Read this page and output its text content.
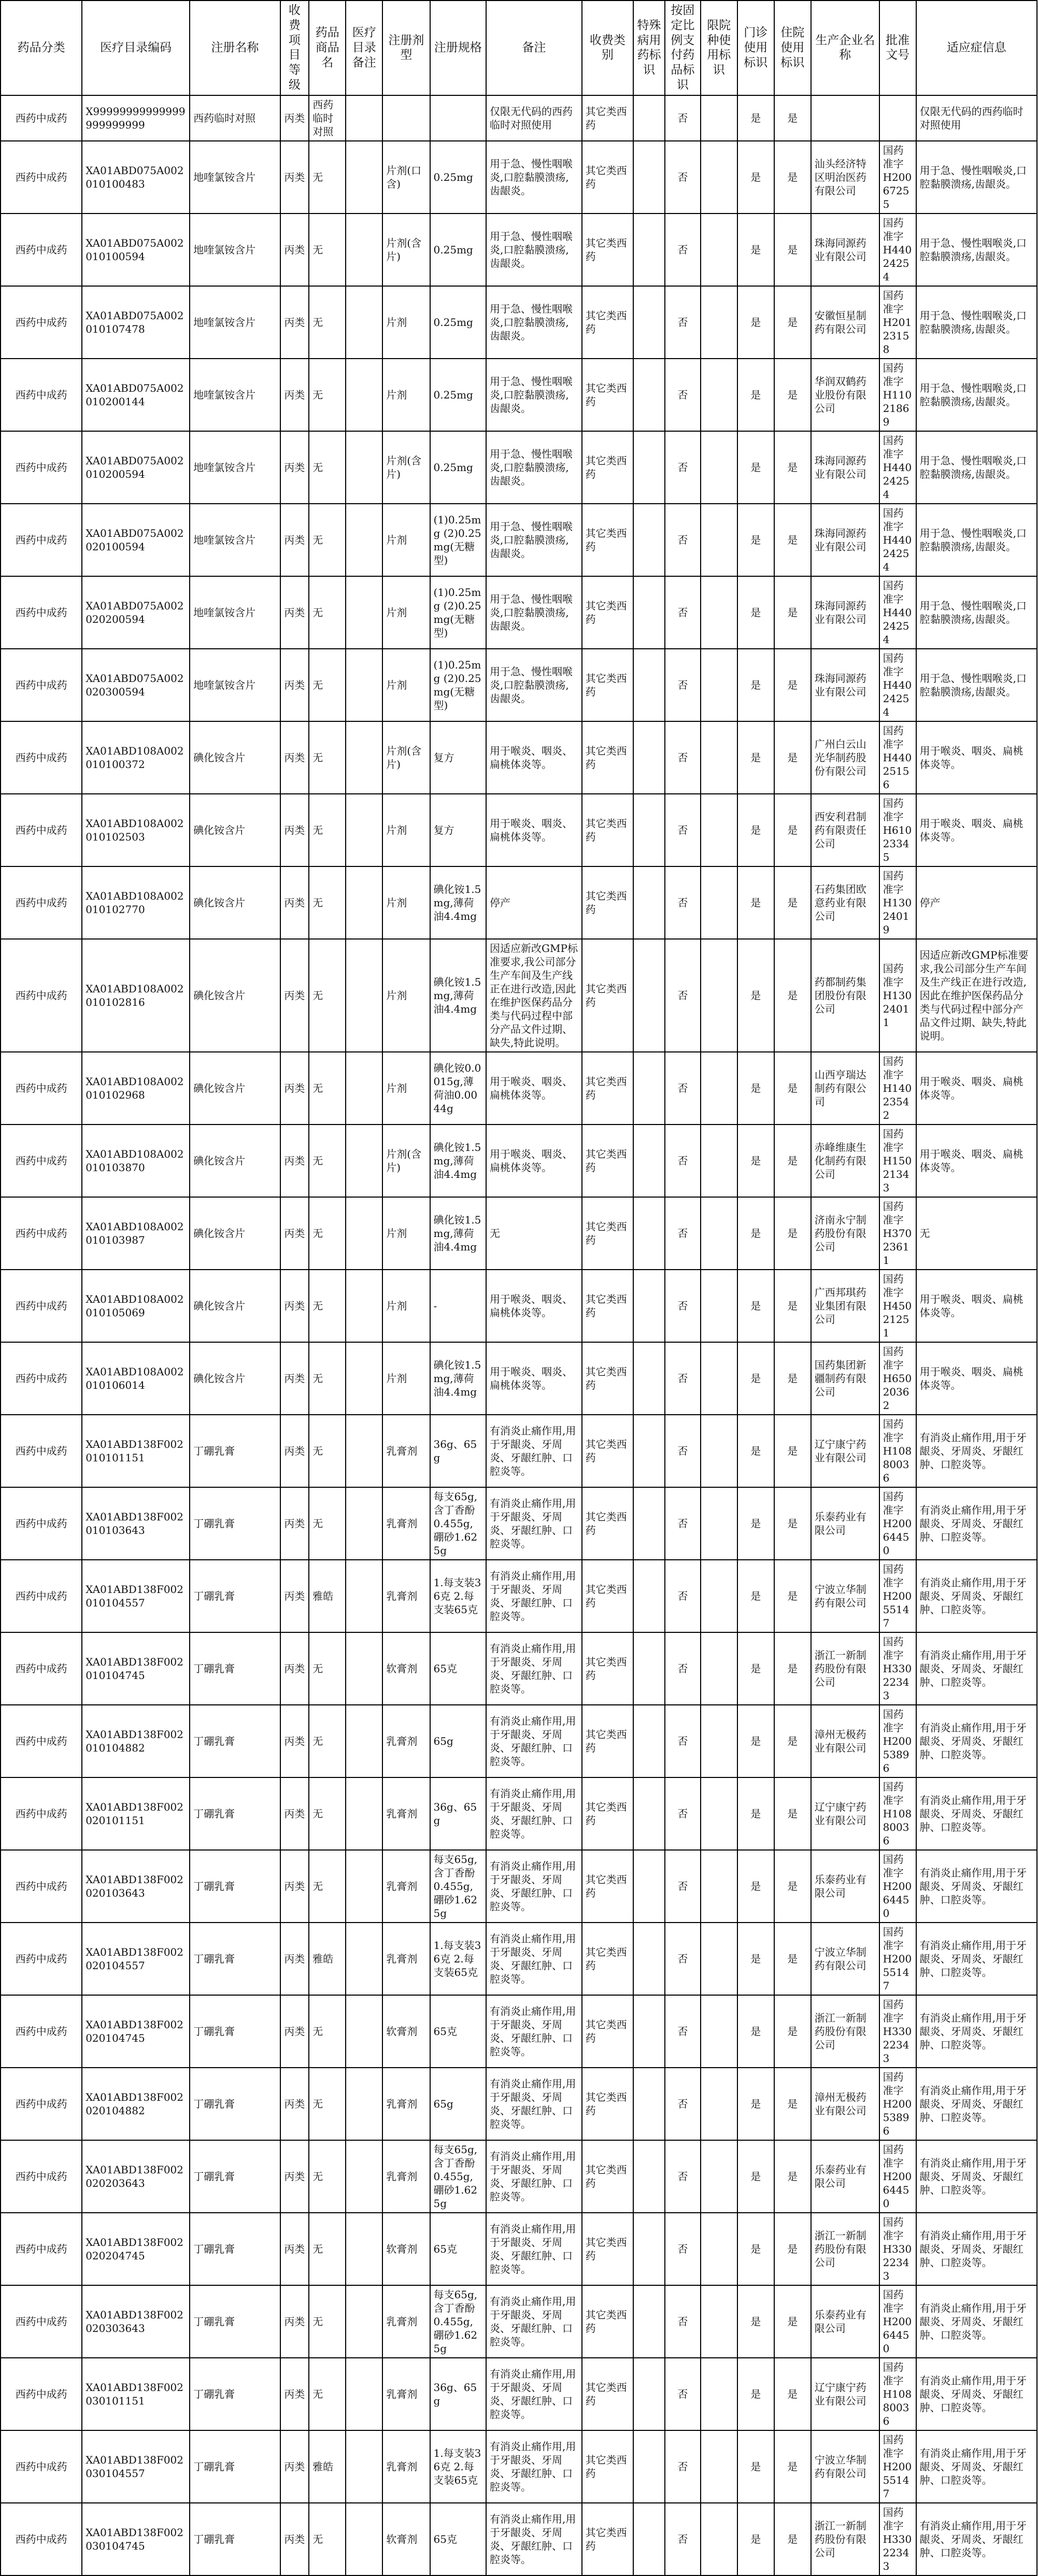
药品分类	医疗目录编码	注册名称	收费项目等级	药品商品名	医疗目录备注	注册剂型	注册规格	备注	收费类别	特殊病用药标识	按固定比例支付药品标识	限院种使用标识	门诊使用标识	住院使用标识	生产企业名称	批准文号	适应症信息
西药中成药	X99999999999999999999999	西药临时对照	丙类	西药临时对照				仅限无代码的西药临时对照使用	其它类西药		否		是	是			仅限无代码的西药临时对照使用
西药中成药	XA01ABD075A002010100483	地喹氯铵含片	丙类	无		片剂(口含)	0.25mg	用于急、慢性咽喉炎,口腔黏膜溃疡,齿龈炎。	其它类西药		否		是	是	汕头经济特区明治医药有限公司	国药准字H20067255	用于急、慢性咽喉炎,口腔黏膜溃疡,齿龈炎。
西药中成药	XA01ABD075A002010100594	地喹氯铵含片	丙类	无		片剂(含片)	0.25mg	用于急、慢性咽喉炎,口腔黏膜溃疡,齿龈炎。	其它类西药		否		是	是	珠海同源药业有限公司	国药准字H44024254	用于急、慢性咽喉炎,口腔黏膜溃疡,齿龈炎。
西药中成药	XA01ABD075A002010107478	地喹氯铵含片	丙类	无		片剂	0.25mg	用于急、慢性咽喉炎,口腔黏膜溃疡,齿龈炎。	其它类西药		否		是	是	安徽恒星制药有限公司	国药准字H20123158	用于急、慢性咽喉炎,口腔黏膜溃疡,齿龈炎。
西药中成药	XA01ABD075A002010200144	地喹氯铵含片	丙类	无		片剂	0.25mg	用于急、慢性咽喉炎,口腔黏膜溃疡,齿龈炎。	其它类西药		否		是	是	华润双鹤药业股份有限公司	国药准字H11021869	用于急、慢性咽喉炎,口腔黏膜溃疡,齿龈炎。
西药中成药	XA01ABD075A002010200594	地喹氯铵含片	丙类	无		片剂(含片)	0.25mg	用于急、慢性咽喉炎,口腔黏膜溃疡,齿龈炎。	其它类西药		否		是	是	珠海同源药业有限公司	国药准字H44024254	用于急、慢性咽喉炎,口腔黏膜溃疡,齿龈炎。
西药中成药	XA01ABD075A002020100594	地喹氯铵含片	丙类	无		片剂	(1)0.25mg (2)0.25mg(无糖型)	用于急、慢性咽喉炎,口腔黏膜溃疡,齿龈炎。	其它类西药		否		是	是	珠海同源药业有限公司	国药准字H44024254	用于急、慢性咽喉炎,口腔黏膜溃疡,齿龈炎。
西药中成药	XA01ABD075A002020200594	地喹氯铵含片	丙类	无		片剂	(1)0.25mg (2)0.25mg(无糖型)	用于急、慢性咽喉炎,口腔黏膜溃疡,齿龈炎。	其它类西药		否		是	是	珠海同源药业有限公司	国药准字H44024254	用于急、慢性咽喉炎,口腔黏膜溃疡,齿龈炎。
西药中成药	XA01ABD075A002020300594	地喹氯铵含片	丙类	无		片剂	(1)0.25mg (2)0.25mg(无糖型)	用于急、慢性咽喉炎,口腔黏膜溃疡,齿龈炎。	其它类西药		否		是	是	珠海同源药业有限公司	国药准字H44024254	用于急、慢性咽喉炎,口腔黏膜溃疡,齿龈炎。
西药中成药	XA01ABD108A002010100372	碘化铵含片	丙类	无		片剂(含片)	复方	用于喉炎、咽炎、扁桃体炎等。	其它类西药		否		是	是	广州白云山光华制药股份有限公司	国药准字H44025156	用于喉炎、咽炎、扁桃体炎等。
西药中成药	XA01ABD108A002010102503	碘化铵含片	丙类	无		片剂	复方	用于喉炎、咽炎、扁桃体炎等。	其它类西药		否		是	是	西安利君制药有限责任公司	国药准字H61023345	用于喉炎、咽炎、扁桃体炎等。
西药中成药	XA01ABD108A002010102770	碘化铵含片	丙类	无		片剂	碘化铵1.5mg,薄荷油4.4mg	停产	其它类西药		否		是	是	石药集团欧意药业有限公司	国药准字H13024019	停产
西药中成药	XA01ABD108A002010102816	碘化铵含片	丙类	无		片剂	碘化铵1.5mg,薄荷油4.4mg	因适应新改GMP标准要求,我公司部分生产车间及生产线正在进行改造,因此在维护医保药品分类与代码过程中部分产品文件过期、缺失,特此说明。	其它类西药		否		是	是	药都制药集团股份有限公司	国药准字H13024011	因适应新改GMP标准要求,我公司部分生产车间及生产线正在进行改造,因此在维护医保药品分类与代码过程中部分产品文件过期、缺失,特此说明。
西药中成药	XA01ABD108A002010102968	碘化铵含片	丙类	无		片剂	碘化铵0.0015g,薄荷油0.0044g	用于喉炎、咽炎、扁桃体炎等。	其它类西药		否		是	是	山西亨瑞达制药有限公司	国药准字H14023542	用于喉炎、咽炎、扁桃体炎等。
西药中成药	XA01ABD108A002010103870	碘化铵含片	丙类	无		片剂(含片)	碘化铵1.5mg,薄荷油4.4mg	用于喉炎、咽炎、扁桃体炎等。	其它类西药		否		是	是	赤峰维康生化制药有限公司	国药准字H15021343	用于喉炎、咽炎、扁桃体炎等。
西药中成药	XA01ABD108A002010103987	碘化铵含片	丙类	无		片剂	碘化铵1.5mg,薄荷油4.4mg	无	其它类西药		否		是	是	济南永宁制药股份有限公司	国药准字H37023611	无
西药中成药	XA01ABD108A002010105069	碘化铵含片	丙类	无		片剂	-	用于喉炎、咽炎、扁桃体炎等。	其它类西药		否		是	是	广西邦琪药业集团有限公司	国药准字H45021251	用于喉炎、咽炎、扁桃体炎等。
西药中成药	XA01ABD108A002010106014	碘化铵含片	丙类	无		片剂	碘化铵1.5mg,薄荷油4.4mg	用于喉炎、咽炎、扁桃体炎等。	其它类西药		否		是	是	国药集团新疆制药有限公司	国药准字H65020362	用于喉炎、咽炎、扁桃体炎等。
西药中成药	XA01ABD138F002010101151	丁硼乳膏	丙类	无		乳膏剂	36g、65g	有消炎止痛作用,用于牙龈炎、牙周炎、牙龈红肿、口腔炎等。	其它类西药		否		是	是	辽宁康宁药业有限公司	国药准字H10880036	有消炎止痛作用,用于牙龈炎、牙周炎、牙龈红肿、口腔炎等。
西药中成药	XA01ABD138F002010103643	丁硼乳膏	丙类	无		乳膏剂	每支65g,含丁香酚0.455g,硼砂1.625g	有消炎止痛作用,用于牙龈炎、牙周炎、牙龈红肿、口腔炎等。	其它类西药		否		是	是	乐泰药业有限公司	国药准字H20064450	有消炎止痛作用,用于牙龈炎、牙周炎、牙龈红肿、口腔炎等。
西药中成药	XA01ABD138F002010104557	丁硼乳膏	丙类	雅皓		乳膏剂	1.每支装36克 2.每支装65克	有消炎止痛作用,用于牙龈炎、牙周炎、牙龈红肿、口腔炎等。	其它类西药		否		是	是	宁波立华制药有限公司	国药准字H20055147	有消炎止痛作用,用于牙龈炎、牙周炎、牙龈红肿、口腔炎等。
西药中成药	XA01ABD138F002010104745	丁硼乳膏	丙类	无		软膏剂	65克	有消炎止痛作用,用于牙龈炎、牙周炎、牙龈红肿、口腔炎等。	其它类西药		否		是	是	浙江一新制药股份有限公司	国药准字H33022343	有消炎止痛作用,用于牙龈炎、牙周炎、牙龈红肿、口腔炎等。
西药中成药	XA01ABD138F002010104882	丁硼乳膏	丙类	无		乳膏剂	65g	有消炎止痛作用,用于牙龈炎、牙周炎、牙龈红肿、口腔炎等。	其它类西药		否		是	是	漳州无极药业有限公司	国药准字H20053896	有消炎止痛作用,用于牙龈炎、牙周炎、牙龈红肿、口腔炎等。
西药中成药	XA01ABD138F002020101151	丁硼乳膏	丙类	无		乳膏剂	36g、65g	有消炎止痛作用,用于牙龈炎、牙周炎、牙龈红肿、口腔炎等。	其它类西药		否		是	是	辽宁康宁药业有限公司	国药准字H10880036	有消炎止痛作用,用于牙龈炎、牙周炎、牙龈红肿、口腔炎等。
西药中成药	XA01ABD138F002020103643	丁硼乳膏	丙类	无		乳膏剂	每支65g,含丁香酚0.455g,硼砂1.625g	有消炎止痛作用,用于牙龈炎、牙周炎、牙龈红肿、口腔炎等。	其它类西药		否		是	是	乐泰药业有限公司	国药准字H20064450	有消炎止痛作用,用于牙龈炎、牙周炎、牙龈红肿、口腔炎等。
西药中成药	XA01ABD138F002020104557	丁硼乳膏	丙类	雅皓		乳膏剂	1.每支装36克 2.每支装65克	有消炎止痛作用,用于牙龈炎、牙周炎、牙龈红肿、口腔炎等。	其它类西药		否		是	是	宁波立华制药有限公司	国药准字H20055147	有消炎止痛作用,用于牙龈炎、牙周炎、牙龈红肿、口腔炎等。
西药中成药	XA01ABD138F002020104745	丁硼乳膏	丙类	无		软膏剂	65克	有消炎止痛作用,用于牙龈炎、牙周炎、牙龈红肿、口腔炎等。	其它类西药		否		是	是	浙江一新制药股份有限公司	国药准字H33022343	有消炎止痛作用,用于牙龈炎、牙周炎、牙龈红肿、口腔炎等。
西药中成药	XA01ABD138F002020104882	丁硼乳膏	丙类	无		乳膏剂	65g	有消炎止痛作用,用于牙龈炎、牙周炎、牙龈红肿、口腔炎等。	其它类西药		否		是	是	漳州无极药业有限公司	国药准字H20053896	有消炎止痛作用,用于牙龈炎、牙周炎、牙龈红肿、口腔炎等。
西药中成药	XA01ABD138F002020203643	丁硼乳膏	丙类	无		乳膏剂	每支65g,含丁香酚0.455g,硼砂1.625g	有消炎止痛作用,用于牙龈炎、牙周炎、牙龈红肿、口腔炎等。	其它类西药		否		是	是	乐泰药业有限公司	国药准字H20064450	有消炎止痛作用,用于牙龈炎、牙周炎、牙龈红肿、口腔炎等。
西药中成药	XA01ABD138F002020204745	丁硼乳膏	丙类	无		软膏剂	65克	有消炎止痛作用,用于牙龈炎、牙周炎、牙龈红肿、口腔炎等。	其它类西药		否		是	是	浙江一新制药股份有限公司	国药准字H33022343	有消炎止痛作用,用于牙龈炎、牙周炎、牙龈红肿、口腔炎等。
西药中成药	XA01ABD138F002020303643	丁硼乳膏	丙类	无		乳膏剂	每支65g,含丁香酚0.455g,硼砂1.625g	有消炎止痛作用,用于牙龈炎、牙周炎、牙龈红肿、口腔炎等。	其它类西药		否		是	是	乐泰药业有限公司	国药准字H20064450	有消炎止痛作用,用于牙龈炎、牙周炎、牙龈红肿、口腔炎等。
西药中成药	XA01ABD138F002030101151	丁硼乳膏	丙类	无		乳膏剂	36g、65g	有消炎止痛作用,用于牙龈炎、牙周炎、牙龈红肿、口腔炎等。	其它类西药		否		是	是	辽宁康宁药业有限公司	国药准字H10880036	有消炎止痛作用,用于牙龈炎、牙周炎、牙龈红肿、口腔炎等。
西药中成药	XA01ABD138F002030104557	丁硼乳膏	丙类	雅皓		乳膏剂	1.每支装36克 2.每支装65克	有消炎止痛作用,用于牙龈炎、牙周炎、牙龈红肿、口腔炎等。	其它类西药		否		是	是	宁波立华制药有限公司	国药准字H20055147	有消炎止痛作用,用于牙龈炎、牙周炎、牙龈红肿、口腔炎等。
西药中成药	XA01ABD138F002030104745	丁硼乳膏	丙类	无		软膏剂	65克	有消炎止痛作用,用于牙龈炎、牙周炎、牙龈红肿、口腔炎等。	其它类西药		否		是	是	浙江一新制药股份有限公司	国药准字H33022343	有消炎止痛作用,用于牙龈炎、牙周炎、牙龈红肿、口腔炎等。
